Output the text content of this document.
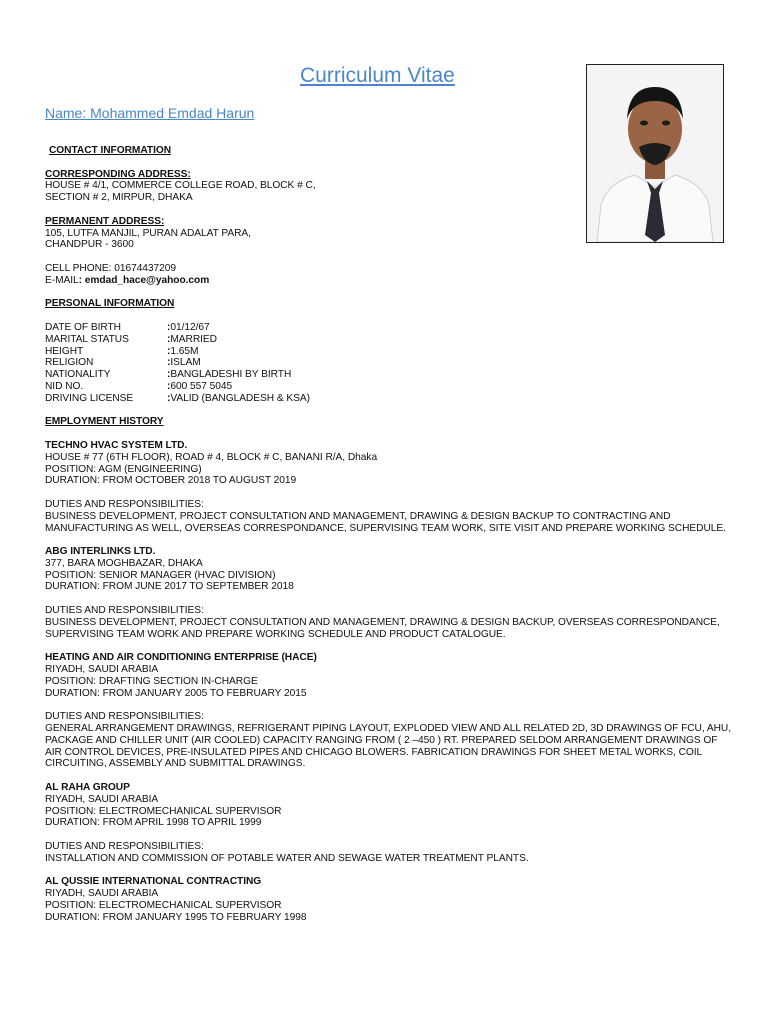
Curriculum Vitae
Name: Mohammed Emdad Harun
CONTACT INFORMATION
CORRESPONDING ADDRESS:
HOUSE # 4/1, COMMERCE COLLEGE ROAD, BLOCK # C,
SECTION # 2, MIRPUR, DHAKA
PERMANENT ADDRESS:
105, LUTFA MANJIL, PURAN ADALAT PARA,
CHANDPUR - 3600
CELL PHONE: 01674437209
E-MAIL: emdad_hace@yahoo.com
PERSONAL INFORMATION
DATE OF BIRTH	: 01/12/67
MARITAL STATUS	: MARRIED
HEIGHT	: 1.65M
RELIGION	: ISLAM
NATIONALITY	: BANGLADESHI BY BIRTH
NID NO.	: 600 557 5045
DRIVING LICENSE	: VALID (BANGLADESH & KSA)
EMPLOYMENT HISTORY
TECHNO HVAC SYSTEM LTD.
HOUSE # 77 (6TH FLOOR), ROAD # 4, BLOCK # C, BANANI R/A, Dhaka
POSITION: AGM (ENGINEERING)
DURATION: FROM OCTOBER 2018 TO AUGUST 2019
DUTIES AND RESPONSIBILITIES:
BUSINESS DEVELOPMENT, PROJECT CONSULTATION AND MANAGEMENT, DRAWING & DESIGN BACKUP TO CONTRACTING AND MANUFACTURING AS WELL, OVERSEAS CORRESPONDANCE, SUPERVISING TEAM WORK, SITE VISIT AND PREPARE WORKING SCHEDULE.
ABG INTERLINKS LTD.
377, BARA MOGHBAZAR, DHAKA
POSITION: SENIOR MANAGER (HVAC DIVISION)
DURATION: FROM JUNE 2017 TO SEPTEMBER 2018
DUTIES AND RESPONSIBILITIES:
BUSINESS DEVELOPMENT, PROJECT CONSULTATION AND MANAGEMENT, DRAWING & DESIGN BACKUP, OVERSEAS CORRESPONDANCE, SUPERVISING TEAM WORK AND PREPARE WORKING SCHEDULE AND PRODUCT CATALOGUE.
HEATING AND AIR CONDITIONING ENTERPRISE (HACE)
RIYADH, SAUDI ARABIA
POSITION: DRAFTING SECTION IN-CHARGE
DURATION: FROM JANUARY 2005 TO FEBRUARY 2015
DUTIES AND RESPONSIBILITIES:
GENERAL ARRANGEMENT DRAWINGS, REFRIGERANT PIPING LAYOUT, EXPLODED VIEW AND ALL RELATED 2D, 3D DRAWINGS OF FCU, AHU, PACKAGE AND CHILLER UNIT (AIR COOLED) CAPACITY RANGING FROM ( 2 –450 ) RT. PREPARED SELDOM ARRANGEMENT DRAWINGS OF AIR CONTROL DEVICES, PRE-INSULATED PIPES AND CHICAGO BLOWERS. FABRICATION DRAWINGS FOR SHEET METAL WORKS, COIL CIRCUITING, ASSEMBLY AND SUBMITTAL DRAWINGS.
AL RAHA GROUP
RIYADH, SAUDI ARABIA
POSITION: ELECTROMECHANICAL SUPERVISOR
DURATION: FROM APRIL 1998 TO APRIL 1999
DUTIES AND RESPONSIBILITIES:
INSTALLATION AND COMMISSION OF POTABLE WATER AND SEWAGE WATER TREATMENT PLANTS.
AL QUSSIE INTERNATIONAL CONTRACTING
RIYADH, SAUDI ARABIA
POSITION: ELECTROMECHANICAL SUPERVISOR
DURATION: FROM JANUARY 1995 TO FEBRUARY 1998
